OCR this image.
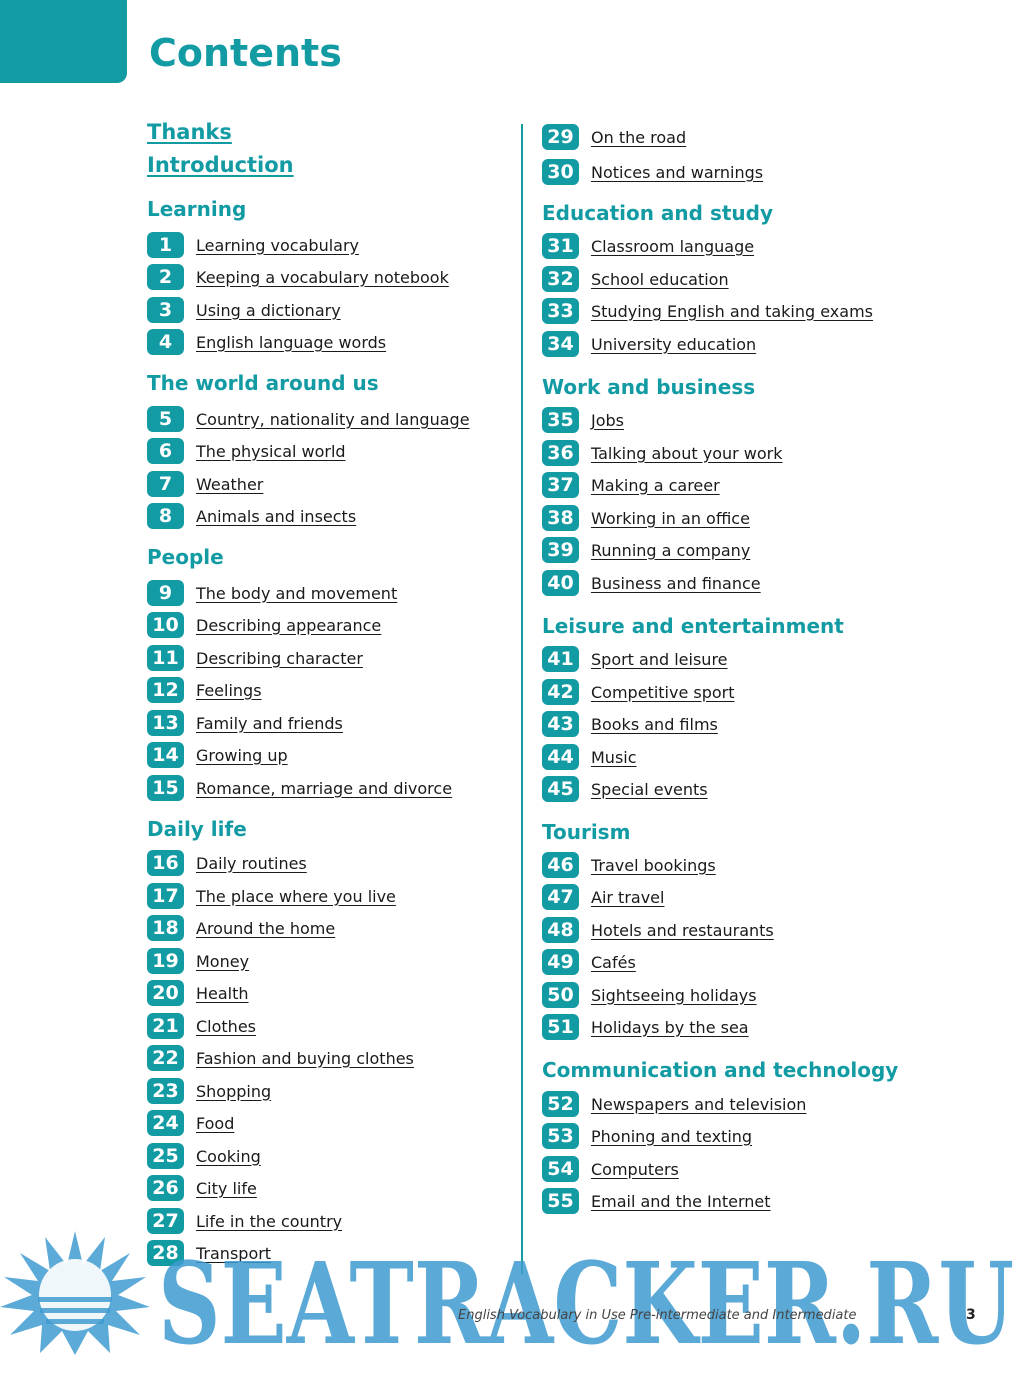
Contents
Thanks
Introduction
Learning
1	Learning vocabulary
2	Keeping a vocabulary notebook
3	Using a dictionary
4	English language words
The world around us
5	Country, nationality and language
6	The physical world
7	Weather
8	Animals and insects
People
9	The body and movement
10	Describing appearance
11	Describing character
12	Feelings
13	Family and friends
14	Growing up
15	Romance, marriage and divorce
Daily life
16	Daily routines
17	The place where you live
18	Around the home
19	Money
20	Health
21	Clothes
22	Fashion and buying clothes
23	Shopping
24	Food
25	Cooking
26	City life
27	Life in the country
28	Transport
29	On the road
30	Notices and warnings
Education and study
31	Classroom language
32	School education
33	Studying English and taking exams
34	University education
Work and business
35	Jobs
36	Talking about your work
37	Making a career
38	Working in an office
39	Running a company
40	Business and finance
Leisure and entertainment
41	Sport and leisure
42	Competitive sport
43	Books and films
44	Music
45	Special events
Tourism
46	Travel bookings
47	Air travel
48	Hotels and restaurants
49	Cafés
50	Sightseeing holidays
51	Holidays by the sea
Communication and technology
52	Newspapers and television
53	Phoning and texting
54	Computers
55	Email and the Internet
SEATRACKER.RU
English Vocabulary in Use Pre-intermediate and Intermediate	3
